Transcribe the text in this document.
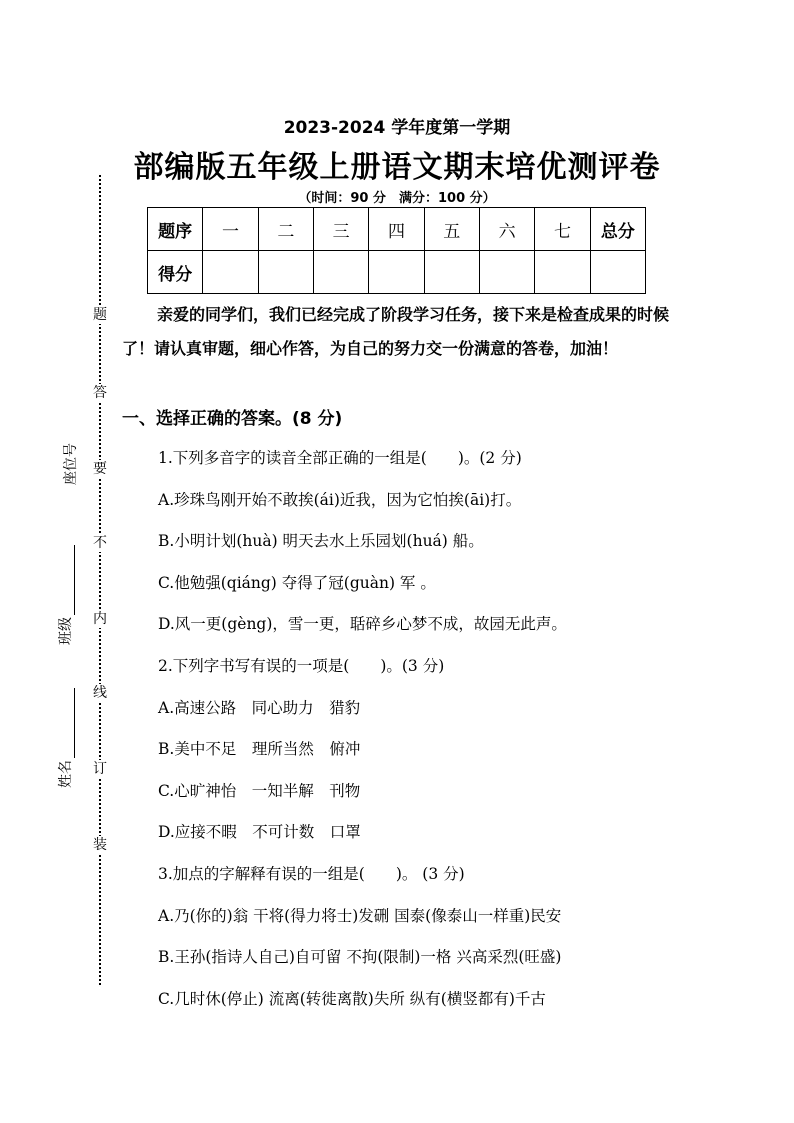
题
答
要
不
内
线
订
装
座位号
班级
姓名
2023-2024 学年度第一学期
部编版五年级上册语文期末培优测评卷
（时间：90 分　满分：100 分）
题序	一	二	三	四	五	六	七	总分
得分								
亲爱的同学们，我们已经完成了阶段学习任务，接下来是检查成果的时候了！请认真审题，细心作答，为自己的努力交一份满意的答卷，加油！
一、选择正确的答案。(8 分)
1.下列多音字的读音全部正确的一组是(　　)。(2 分)
A.珍珠鸟刚开始不敢挨(ái)近我，因为它怕挨(āi)打。
B.小明计划(huà) 明天去水上乐园划(huá) 船。
C.他勉强(qiáng) 夺得了冠(guàn) 军 。
D.风一更(gèng)，雪一更，聒碎乡心梦不成，故园无此声。
2.下列字书写有误的一项是(　　)。(3 分)
A.高速公路　同心助力　猎豹
B.美中不足　理所当然　俯冲
C.心旷神怡　一知半解　刊物
D.应接不暇　不可计数　口罩
3.加点的字解释有误的一组是(　　)。 (3 分)
A.乃(你的)翁 干将(得力将士)发硎 国泰(像泰山一样重)民安
B.王孙(指诗人自己)自可留 不拘(限制)一格 兴高采烈(旺盛)
C.几时休(停止) 流离(转徙离散)失所 纵有(横竖都有)千古
